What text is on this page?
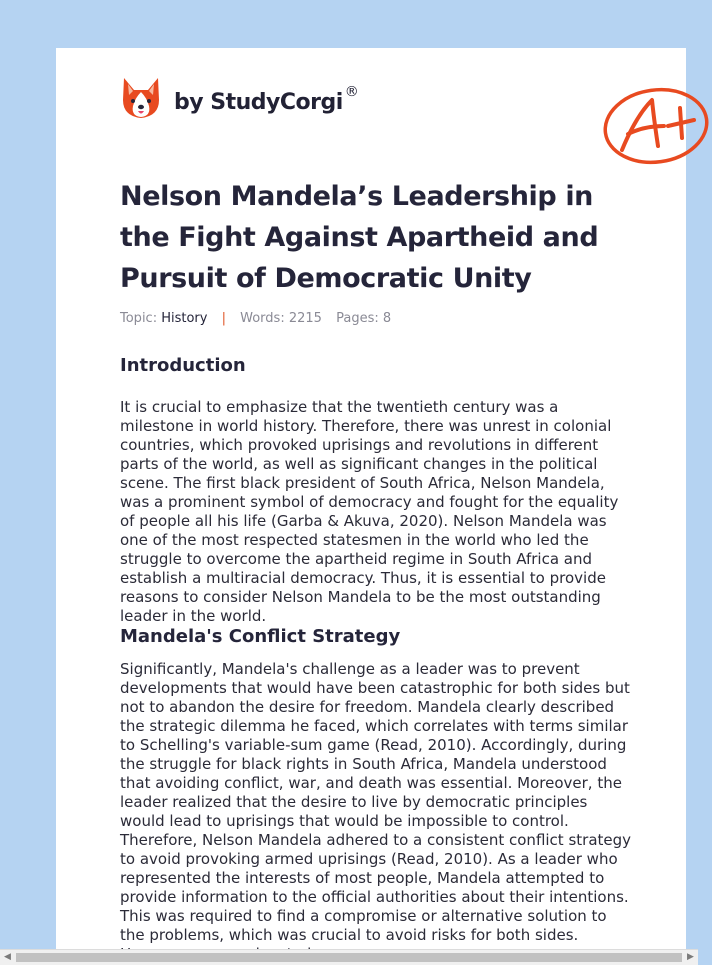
by StudyCorgi ®
Nelson Mandela’s Leadership in the Fight Against Apartheid and Pursuit of Democratic Unity
Topic: History | Words: 2215 Pages: 8
Introduction

It is crucial to emphasize that the twentieth century was a milestone in world history. Therefore, there was unrest in colonial countries, which provoked uprisings and revolutions in different parts of the world, as well as significant changes in the political scene. The first black president of South Africa, Nelson Mandela, was a prominent symbol of democracy and fought for the equality of people all his life (Garba & Akuva, 2020). Nelson Mandela was one of the most respected statesmen in the world who led the struggle to overcome the apartheid regime in South Africa and establish a multiracial democracy. Thus, it is essential to provide reasons to consider Nelson Mandela to be the most outstanding leader in the world.

Mandela's Conflict Strategy

Significantly, Mandela's challenge as a leader was to prevent developments that would have been catastrophic for both sides but not to abandon the desire for freedom. Mandela clearly described the strategic dilemma he faced, which correlates with terms similar to Schelling's variable-sum game (Read, 2010). Accordingly, during the struggle for black rights in South Africa, Mandela understood that avoiding conflict, war, and death was essential. Moreover, the leader realized that the desire to live by democratic principles would lead to uprisings that would be impossible to control. Therefore, Nelson Mandela adhered to a consistent conflict strategy to avoid provoking armed uprisings (Read, 2010). As a leader who represented the interests of most people, Mandela attempted to provide information to the official authorities about their intentions. This was required to find a compromise or alternative solution to the problems, which was crucial to avoid risks for both sides.

◀	▶
